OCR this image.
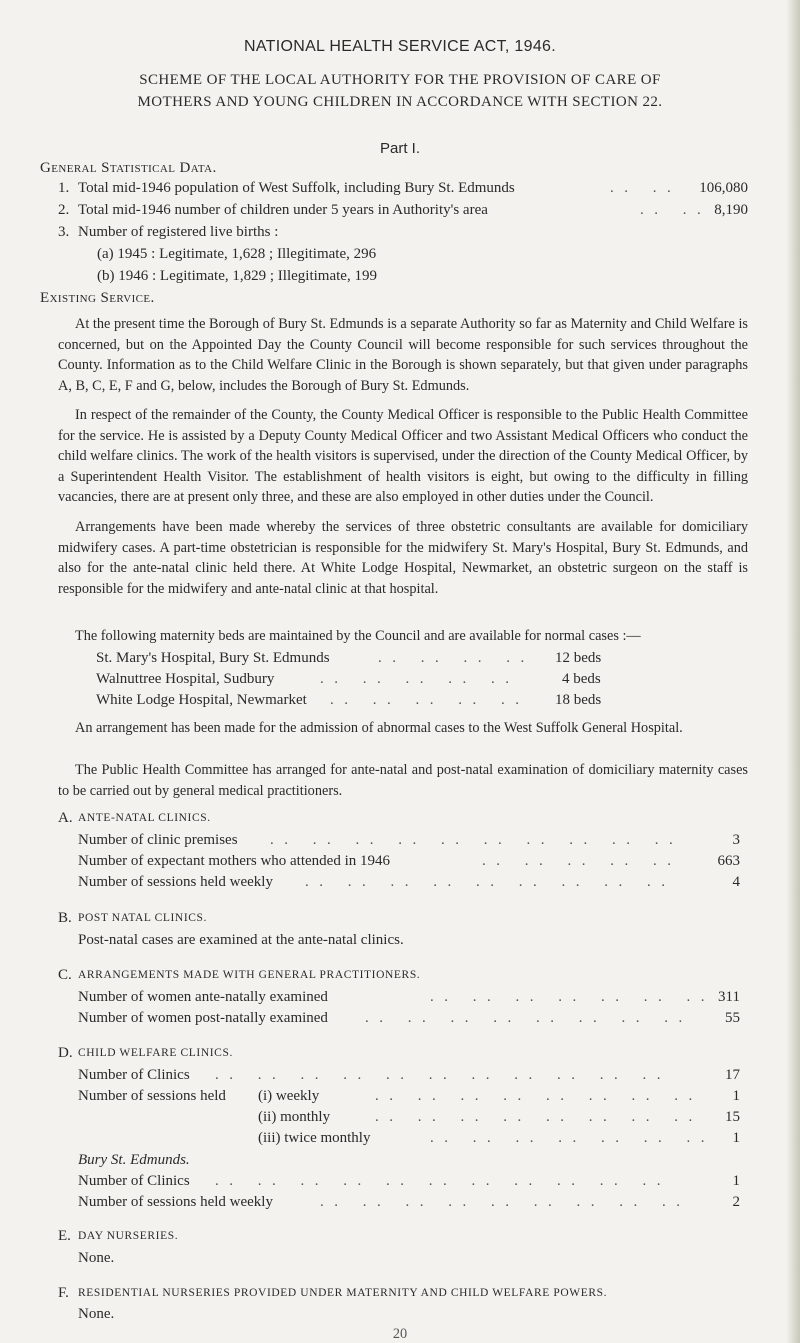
NATIONAL HEALTH SERVICE ACT, 1946.
SCHEME OF THE LOCAL AUTHORITY FOR THE PROVISION OF CARE OF
MOTHERS AND YOUNG CHILDREN IN ACCORDANCE WITH SECTION 22.
Part I.
General Statistical Data.
1. Total mid-1946 population of West Suffolk, including Bury St. Edmunds	.. ..	106,080
2. Total mid-1946 number of children under 5 years in Authority's area	.. .. 8,190
3. Number of registered live births :
(a) 1945 : Legitimate, 1,628 ; Illegitimate, 296
(b) 1946 : Legitimate, 1,829 ; Illegitimate, 199
Existing Service.
At the present time the Borough of Bury St. Edmunds is a separate Authority so far as Maternity and Child Welfare is concerned, but on the Appointed Day the County Council will become responsible for such services throughout the County. Information as to the Child Welfare Clinic in the Borough is shown separately, but that given under paragraphs A, B, C, E, F and G, below, includes the Borough of Bury St. Edmunds.
In respect of the remainder of the County, the County Medical Officer is responsible to the Public Health Committee for the service. He is assisted by a Deputy County Medical Officer and two Assistant Medical Officers who conduct the child welfare clinics. The work of the health visitors is supervised, under the direction of the County Medical Officer, by a Superintendent Health Visitor. The establishment of health visitors is eight, but owing to the difficulty in filling vacancies, there are at present only three, and these are also employed in other duties under the Council.
Arrangements have been made whereby the services of three obstetric consultants are available for domiciliary midwifery cases. A part-time obstetrician is responsible for the midwifery St. Mary's Hospital, Bury St. Edmunds, and also for the ante-natal clinic held there. At White Lodge Hospital, Newmarket, an obstetric surgeon on the staff is responsible for the midwifery and ante-natal clinic at that hospital.
The following maternity beds are maintained by the Council and are available for normal cases :—
St. Mary's Hospital, Bury St. Edmunds	.. .. .. .. 12 beds
Walnuttree Hospital, Sudbury	.. .. .. .. ..	4 beds
White Lodge Hospital, Newmarket .. .. .. .. .. 18 beds
An arrangement has been made for the admission of abnormal cases to the West Suffolk General Hospital.
The Public Health Committee has arranged for ante-natal and post-natal examination of domiciliary maternity cases to be carried out by general medical practitioners.
A. ANTE-NATAL CLINICS.
Number of clinic premises .. .. .. .. .. .. .. .. .. ..	3
Number of expectant mothers who attended in 1946	.. .. .. .. ..	663
Number of sessions held weekly .. .. .. .. .. .. .. .. ..	4
B. POST NATAL CLINICS.
Post-natal cases are examined at the ante-natal clinics.
C. ARRANGEMENTS MADE WITH GENERAL PRACTITIONERS.
Number of women ante-natally examined	.. .. .. .. .. .. .. 311
Number of women post-natally examined .. .. .. .. .. .. .. ..	55
D. CHILD WELFARE CLINICS.
Number of Clinics .. .. .. .. .. .. .. .. .. .. ..	17
Number of sessions held (i) weekly	.. .. .. .. .. .. .. ..	1
(ii) monthly	.. .. .. .. .. .. .. ..	15
(iii) twice monthly	.. .. .. .. .. .. ..	1
Bury St. Edmunds.
Number of Clinics .. .. .. .. .. .. .. .. .. .. ..	1
Number of sessions held weekly	.. .. .. .. .. .. .. .. ..	2
E. DAY NURSERIES.
None.
F. RESIDENTIAL NURSERIES PROVIDED UNDER MATERNITY AND CHILD WELFARE POWERS.
None.
20
